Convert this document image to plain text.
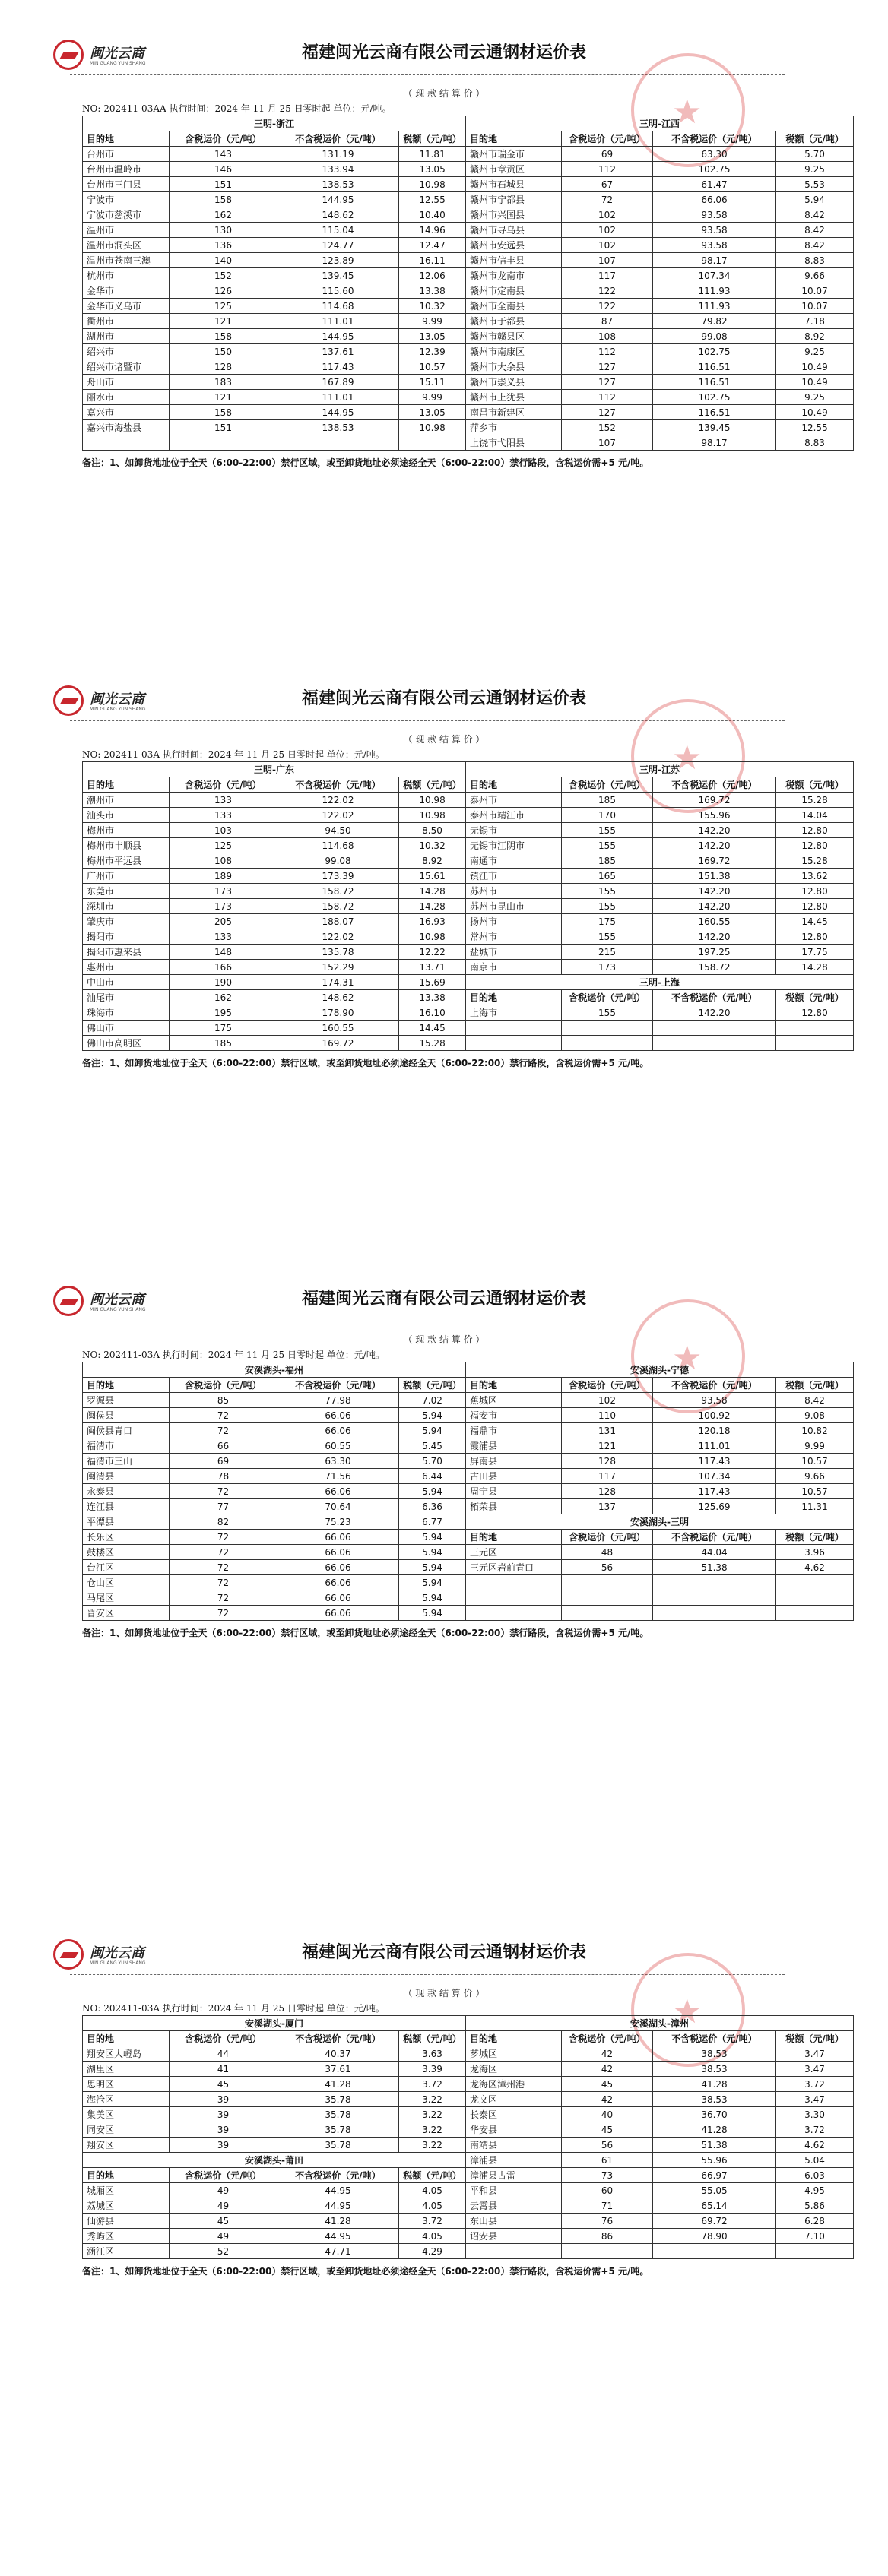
闽光云商
MIN GUANG YUN SHANG
福建闽光云商有限公司云通钢材运价表
（ 现 款 结 算 价 ）
NO: 202411-03AA 执行时间：2024 年 11 月 25 日零时起 单位：元/吨。	★
三明-浙江			
目的地	含税运价（元/吨）	不含税运价（元/吨）	税额（元/吨）
台州市	143	131.19	11.81
台州市温岭市	146	133.94	13.05
台州市三门县	151	138.53	10.98
宁波市	158	144.95	12.55
宁波市慈溪市	162	148.62	10.40
温州市	130	115.04	14.96
温州市洞头区	136	124.77	12.47
温州市苍南三澳	140	123.89	16.11
杭州市	152	139.45	12.06
金华市	126	115.60	13.38
金华市义乌市	125	114.68	10.32
衢州市	121	111.01	9.99
湖州市	158	144.95	13.05
绍兴市	150	137.61	12.39
绍兴市诸暨市	128	117.43	10.57
舟山市	183	167.89	15.11
丽水市	121	111.01	9.99
嘉兴市	158	144.95	13.05
嘉兴市海盐县	151	138.53	10.98

三明-江西			
目的地	含税运价（元/吨）	不含税运价（元/吨）	税额（元/吨）
赣州市瑞金市	69	63.30	5.70
赣州市章贡区	112	102.75	9.25
赣州市石城县	67	61.47	5.53
赣州市宁都县	72	66.06	5.94
赣州市兴国县	102	93.58	8.42
赣州市寻乌县	102	93.58	8.42
赣州市安远县	102	93.58	8.42
赣州市信丰县	107	98.17	8.83
赣州市龙南市	117	107.34	9.66
赣州市定南县	122	111.93	10.07
赣州市全南县	122	111.93	10.07
赣州市于都县	87	79.82	7.18
赣州市赣县区	108	99.08	8.92
赣州市南康区	112	102.75	9.25
赣州市大余县	127	116.51	10.49
赣州市崇义县	127	116.51	10.49
赣州市上犹县	112	102.75	9.25
南昌市新建区	127	116.51	10.49
萍乡市	152	139.45	12.55
上饶市弋阳县	107	98.17	8.83
备注：1、如卸货地址位于全天（6:00-22:00）禁行区域，或至卸货地址必须途经全天（6:00-22:00）禁行路段，含税运价需+5 元/吨。
闽光云商
MIN GUANG YUN SHANG
福建闽光云商有限公司云通钢材运价表
（ 现 款 结 算 价 ）
NO: 202411-03A 执行时间：2024 年 11 月 25 日零时起 单位：元/吨。	★
三明-广东			
目的地	含税运价（元/吨）	不含税运价（元/吨）	税额（元/吨）
潮州市	133	122.02	10.98
汕头市	133	122.02	10.98
梅州市	103	94.50	8.50
梅州市丰顺县	125	114.68	10.32
梅州市平远县	108	99.08	8.92
广州市	189	173.39	15.61
东莞市	173	158.72	14.28
深圳市	173	158.72	14.28
肇庆市	205	188.07	16.93
揭阳市	133	122.02	10.98
揭阳市惠来县	148	135.78	12.22
惠州市	166	152.29	13.71
中山市	190	174.31	15.69
汕尾市	162	148.62	13.38
珠海市	195	178.90	16.10
佛山市	175	160.55	14.45
佛山市高明区	185	169.72	15.28
三明-江苏			
目的地	含税运价（元/吨）	不含税运价（元/吨）	税额（元/吨）
泰州市	185	169.72	15.28
泰州市靖江市	170	155.96	14.04
无锡市	155	142.20	12.80
无锡市江阴市	155	142.20	12.80
南通市	185	169.72	15.28
镇江市	165	151.38	13.62
苏州市	155	142.20	12.80
苏州市昆山市	155	142.20	12.80
扬州市	175	160.55	14.45
常州市	155	142.20	12.80
盐城市	215	197.25	17.75
南京市	173	158.72	14.28
三明-上海			
目的地	含税运价（元/吨）	不含税运价（元/吨）	税额（元/吨）
上海市	155	142.20	12.80

备注：1、如卸货地址位于全天（6:00-22:00）禁行区域，或至卸货地址必须途经全天（6:00-22:00）禁行路段，含税运价需+5 元/吨。
闽光云商
MIN GUANG YUN SHANG
福建闽光云商有限公司云通钢材运价表
（ 现 款 结 算 价 ）
NO: 202411-03A 执行时间：2024 年 11 月 25 日零时起 单位：元/吨。	★
安溪湖头-福州			
目的地	含税运价（元/吨）	不含税运价（元/吨）	税额（元/吨）
罗源县	85	77.98	7.02
闽侯县	72	66.06	5.94
闽侯县青口	72	66.06	5.94
福清市	66	60.55	5.45
福清市三山	69	63.30	5.70
闽清县	78	71.56	6.44
永泰县	72	66.06	5.94
连江县	77	70.64	6.36
平潭县	82	75.23	6.77
长乐区	72	66.06	5.94
鼓楼区	72	66.06	5.94
台江区	72	66.06	5.94
仓山区	72	66.06	5.94
马尾区	72	66.06	5.94
晋安区	72	66.06	5.94
安溪湖头-宁德			
目的地	含税运价（元/吨）	不含税运价（元/吨）	税额（元/吨）
蕉城区	102	93.58	8.42
福安市	110	100.92	9.08
福鼎市	131	120.18	10.82
霞浦县	121	111.01	9.99
屏南县	128	117.43	10.57
古田县	117	107.34	9.66
周宁县	128	117.43	10.57
柘荣县	137	125.69	11.31
安溪湖头-三明			
目的地	含税运价（元/吨）	不含税运价（元/吨）	税额（元/吨）
三元区	48	44.04	3.96
三元区岩前青口	56	51.38	4.62

备注：1、如卸货地址位于全天（6:00-22:00）禁行区域，或至卸货地址必须途经全天（6:00-22:00）禁行路段，含税运价需+5 元/吨。
闽光云商
MIN GUANG YUN SHANG
福建闽光云商有限公司云通钢材运价表
（ 现 款 结 算 价 ）
NO: 202411-03A 执行时间：2024 年 11 月 25 日零时起 单位：元/吨。	★
安溪湖头-厦门			
目的地	含税运价（元/吨）	不含税运价（元/吨）	税额（元/吨）
翔安区大嶝岛	44	40.37	3.63
湖里区	41	37.61	3.39
思明区	45	41.28	3.72
海沧区	39	35.78	3.22
集美区	39	35.78	3.22
同安区	39	35.78	3.22
翔安区	39	35.78	3.22
安溪湖头-莆田			
目的地	含税运价（元/吨）	不含税运价（元/吨）	税额（元/吨）
城厢区	49	44.95	4.05
荔城区	49	44.95	4.05
仙游县	45	41.28	3.72
秀屿区	49	44.95	4.05
涵江区	52	47.71	4.29
安溪湖头-漳州			
目的地	含税运价（元/吨）	不含税运价（元/吨）	税额（元/吨）
芗城区	42	38.53	3.47
龙海区	42	38.53	3.47
龙海区漳州港	45	41.28	3.72
龙文区	42	38.53	3.47
长泰区	40	36.70	3.30
华安县	45	41.28	3.72
南靖县	56	51.38	4.62
漳浦县	61	55.96	5.04
漳浦县古雷	73	66.97	6.03
平和县	60	55.05	4.95
云霄县	71	65.14	5.86
东山县	76	69.72	6.28
诏安县	86	78.90	7.10

备注：1、如卸货地址位于全天（6:00-22:00）禁行区域，或至卸货地址必须途经全天（6:00-22:00）禁行路段，含税运价需+5 元/吨。
